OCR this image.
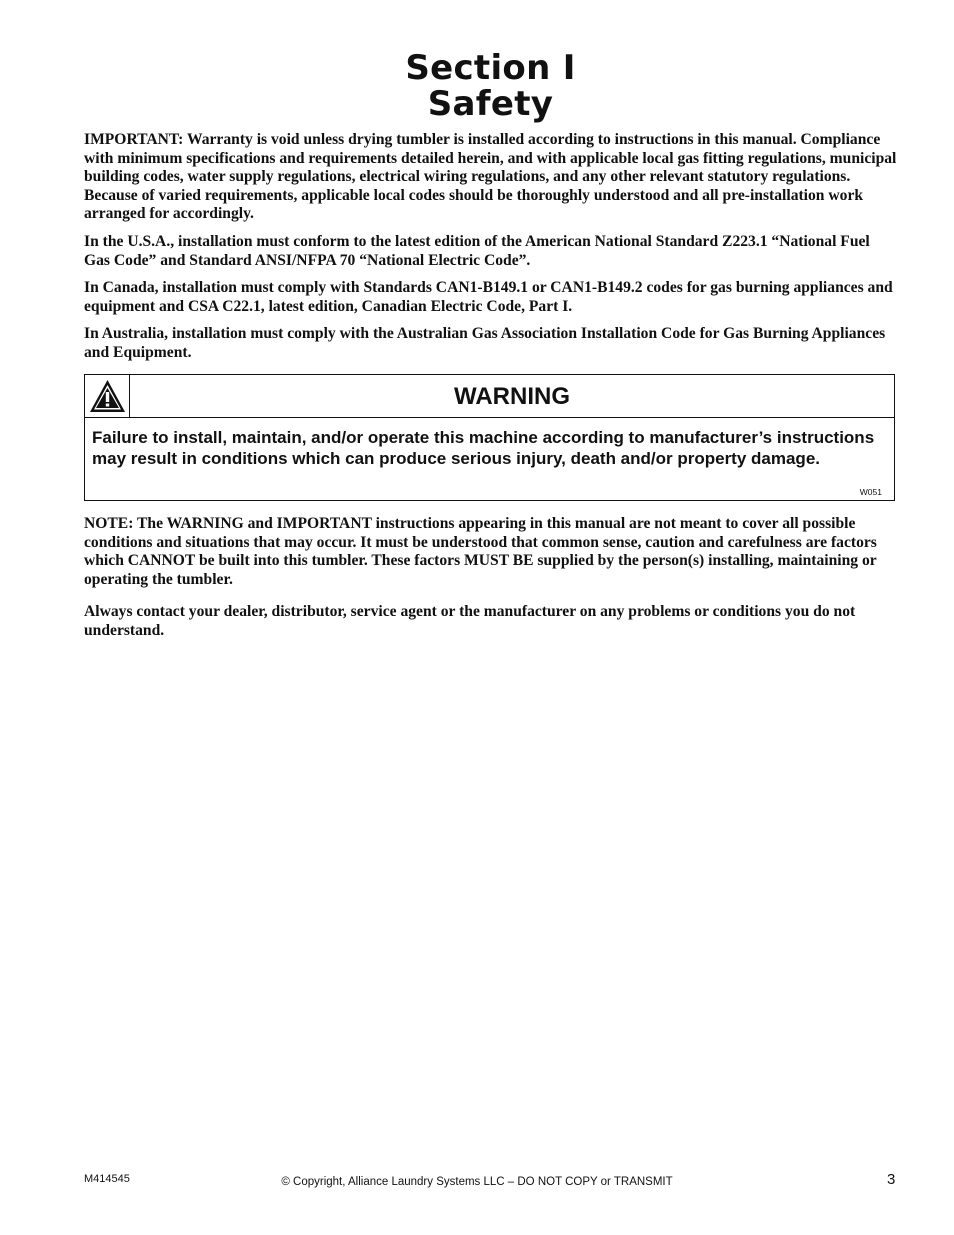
Section I
Safety

IMPORTANT: Warranty is void unless drying tumbler is installed according to instructions in this manual. Compliance with minimum specifications and requirements detailed herein, and with applicable local gas fitting regulations, municipal building codes, water supply regulations, electrical wiring regulations, and any other relevant statutory regulations. Because of varied requirements, applicable local codes should be thoroughly understood and all pre-installation work arranged for accordingly.

In the U.S.A., installation must conform to the latest edition of the American National Standard Z223.1 “National Fuel Gas Code” and Standard ANSI/NFPA 70 “National Electric Code”.

In Canada, installation must comply with Standards CAN1-B149.1 or CAN1-B149.2 codes for gas burning appliances and equipment and CSA C22.1, latest edition, Canadian Electric Code, Part I.

In Australia, installation must comply with the Australian Gas Association Installation Code for Gas Burning Appliances and Equipment.

WARNING
Failure to install, maintain, and/or operate this machine according to manufacturer’s instructions may result in conditions which can produce serious injury, death and/or property damage.
W051

NOTE: The WARNING and IMPORTANT instructions appearing in this manual are not meant to cover all possible conditions and situations that may occur. It must be understood that common sense, caution and carefulness are factors which CANNOT be built into this tumbler. These factors MUST BE supplied by the person(s) installing, maintaining or operating the tumbler.

Always contact your dealer, distributor, service agent or the manufacturer on any problems or conditions you do not understand.

M414545	© Copyright, Alliance Laundry Systems LLC – DO NOT COPY or TRANSMIT	3
